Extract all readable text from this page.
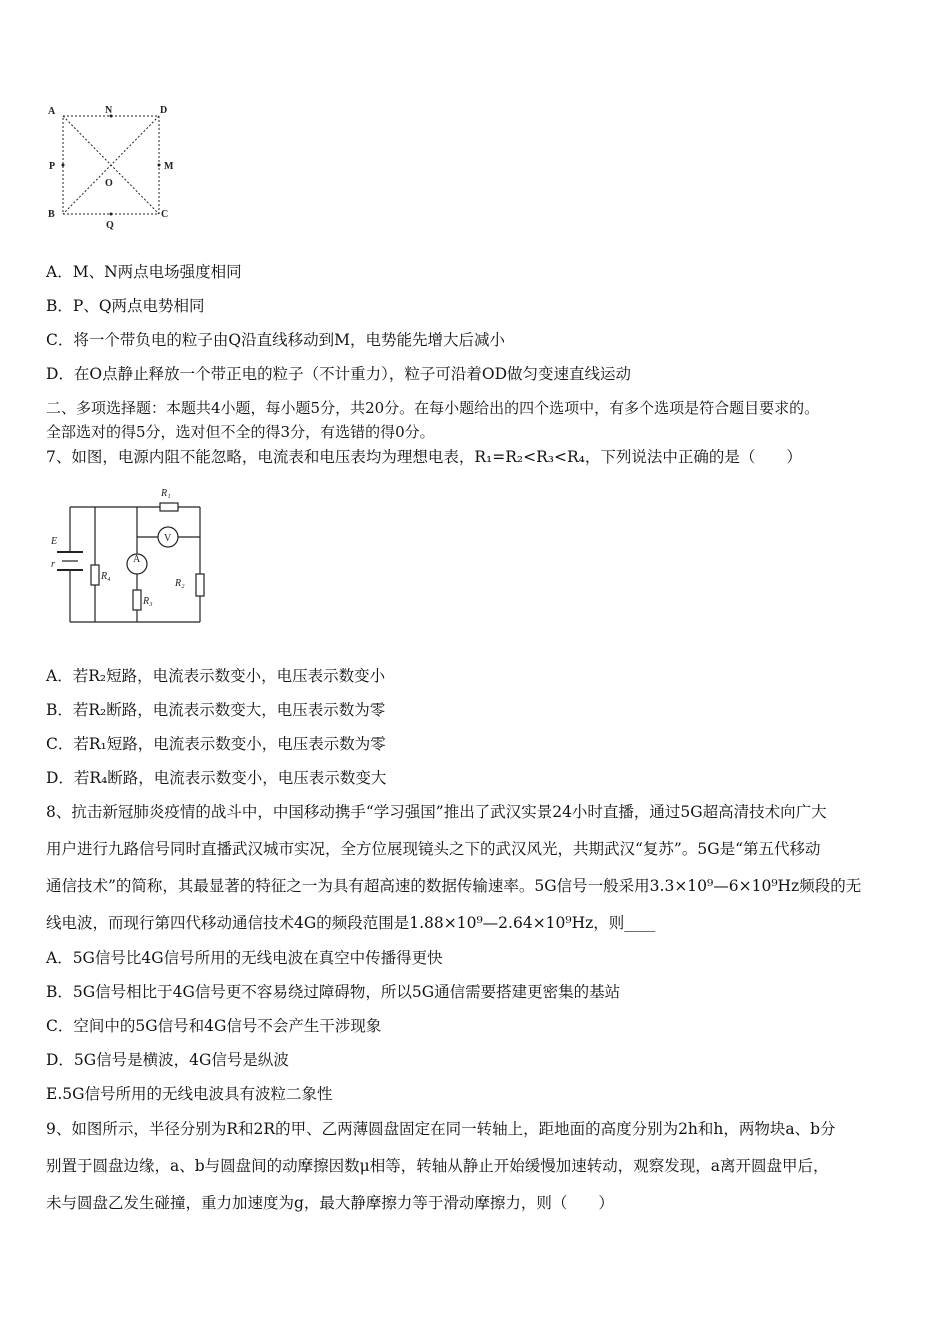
A	N	D
P
O
M
B	C
Q
A．M、N两点电场强度相同
B．P、Q两点电势相同
C．将一个带负电的粒子由Q沿直线移动到M，电势能先增大后减小
D．在O点静止释放一个带正电的粒子（不计重力），粒子可沿着OD做匀变速直线运动
二、多项选择题：本题共4小题，每小题5分，共20分。在每小题给出的四个选项中，有多个选项是符合题目要求的。
全部选对的得5分，选对但不全的得3分，有选错的得0分。
7、如图，电源内阻不能忽略，电流表和电压表均为理想电表，R₁=R₂<R₃<R₄，下列说法中正确的是（　　）
R₁
E
r
R₄
R₂
R₃
V
A
A．若R₂短路，电流表示数变小，电压表示数变小
B．若R₂断路，电流表示数变大，电压表示数为零
C．若R₁短路，电流表示数变小，电压表示数为零
D．若R₄断路，电流表示数变小，电压表示数变大
8、抗击新冠肺炎疫情的战斗中，中国移动携手“学习强国”推出了武汉实景24小时直播，通过5G超高清技术向广大
用户进行九路信号同时直播武汉城市实况，全方位展现镜头之下的武汉风光，共期武汉“复苏”。5G是“第五代移动
通信技术”的简称，其最显著的特征之一为具有超高速的数据传输速率。5G信号一般采用3.3×10⁹—6×10⁹Hz频段的无
线电波，而现行第四代移动通信技术4G的频段范围是1.88×10⁹—2.64×10⁹Hz，则____
A．5G信号比4G信号所用的无线电波在真空中传播得更快
B．5G信号相比于4G信号更不容易绕过障碍物，所以5G通信需要搭建更密集的基站
C．空间中的5G信号和4G信号不会产生干涉现象
D．5G信号是横波，4G信号是纵波
E.5G信号所用的无线电波具有波粒二象性
9、如图所示，半径分别为R和2R的甲、乙两薄圆盘固定在同一转轴上，距地面的高度分别为2h和h，两物块a、b分
别置于圆盘边缘，a、b与圆盘间的动摩擦因数μ相等，转轴从静止开始缓慢加速转动，观察发现，a离开圆盘甲后，
未与圆盘乙发生碰撞，重力加速度为g，最大静摩擦力等于滑动摩擦力，则（　　）
